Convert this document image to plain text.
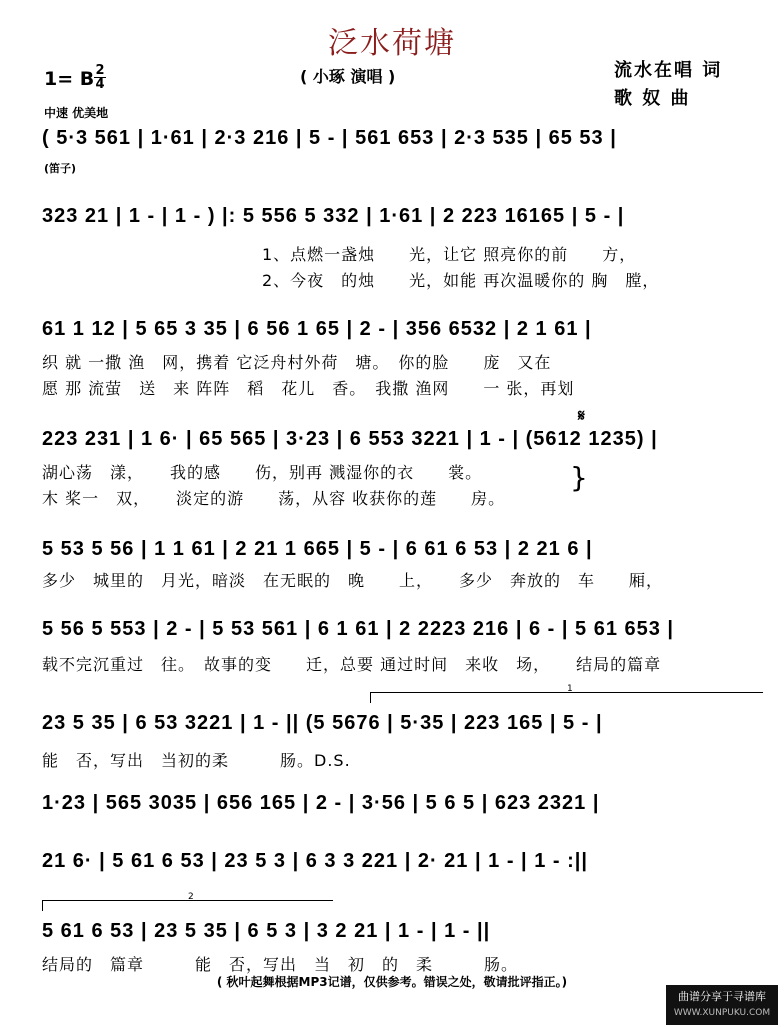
泛水荷塘
( 小琢 演唱 )	流水在唱 词
歌 奴 曲
1= B 2
4
中速 优美地
( 5·3 561 | 1·61 | 2·3 216 | 5 - | 561 653 | 2·3 535 | 65 53 |
(笛子)
323 21 | 1 - | 1 - ) |: 5 556 5 332 | 1·61 | 2 223 16165 | 5 - |
1、点燃一盏烛　　光，让它 照亮你的前　　方，
2、今夜　的烛　　光，如能 再次温暖你的 胸　膛，
61 1 12 | 5 65 3 35 | 6 56 1 65 | 2 - | 356 6532 | 2 1 61 |
织 就 一撒 渔　网，携着 它泛舟村外荷　塘。　你的脸　　庞　又在
愿 那 流萤　送　来 阵阵　稻　花儿　香。　我撒 渔网　　一 张，再划
𝄋
223 231 | 1 6· | 65 565 | 3·23 | 6 553 3221 | 1 - | (5612 1235) |
湖心荡　漾，　　我的感　　伤，别再 溅湿你的衣　　裳。
木 桨一　双，　　淡定的游　　荡，从容 收获你的莲　　房。
}
5 53 5 56 | 1 1 61 | 2 21 1 665 | 5 - | 6 61 6 53 | 2 21 6 |
多少　城里的　月光，暗淡　在无眠的　晚　　上，　　多少　奔放的　车　　厢，
5 56 5 553 | 2 - | 5 53 561 | 6 1 61 | 2 2223 216 | 6 - | 5 61 653 |
载不完沉重过　往。　故事的变　　迁，总要 通过时间　来收　场，　　结局的篇章
1
23 5 35 | 6 53 3221 | 1 - || (5 5676 | 5·35 | 223 165 | 5 - |
能　否，写出　当初的柔　　　肠。D.S.
1·23 | 565 3035 | 656 165 | 2 - | 3·56 | 5 6 5 | 623 2321 |
21 6· | 5 61 6 53 | 23 5 3 | 6 3 3 221 | 2· 21 | 1 - | 1 - :||
2
5 61 6 53 | 23 5 35 | 6 5 3 | 3 2 21 | 1 - | 1 - ||
结局的　篇章　　　能　否，写出　当　初　的　柔　　　肠。
( 秋叶起舞根据MP3记谱，仅供参考。错误之处，敬请批评指正。)
曲谱分享于寻谱库
WWW.XUNPUKU.COM
